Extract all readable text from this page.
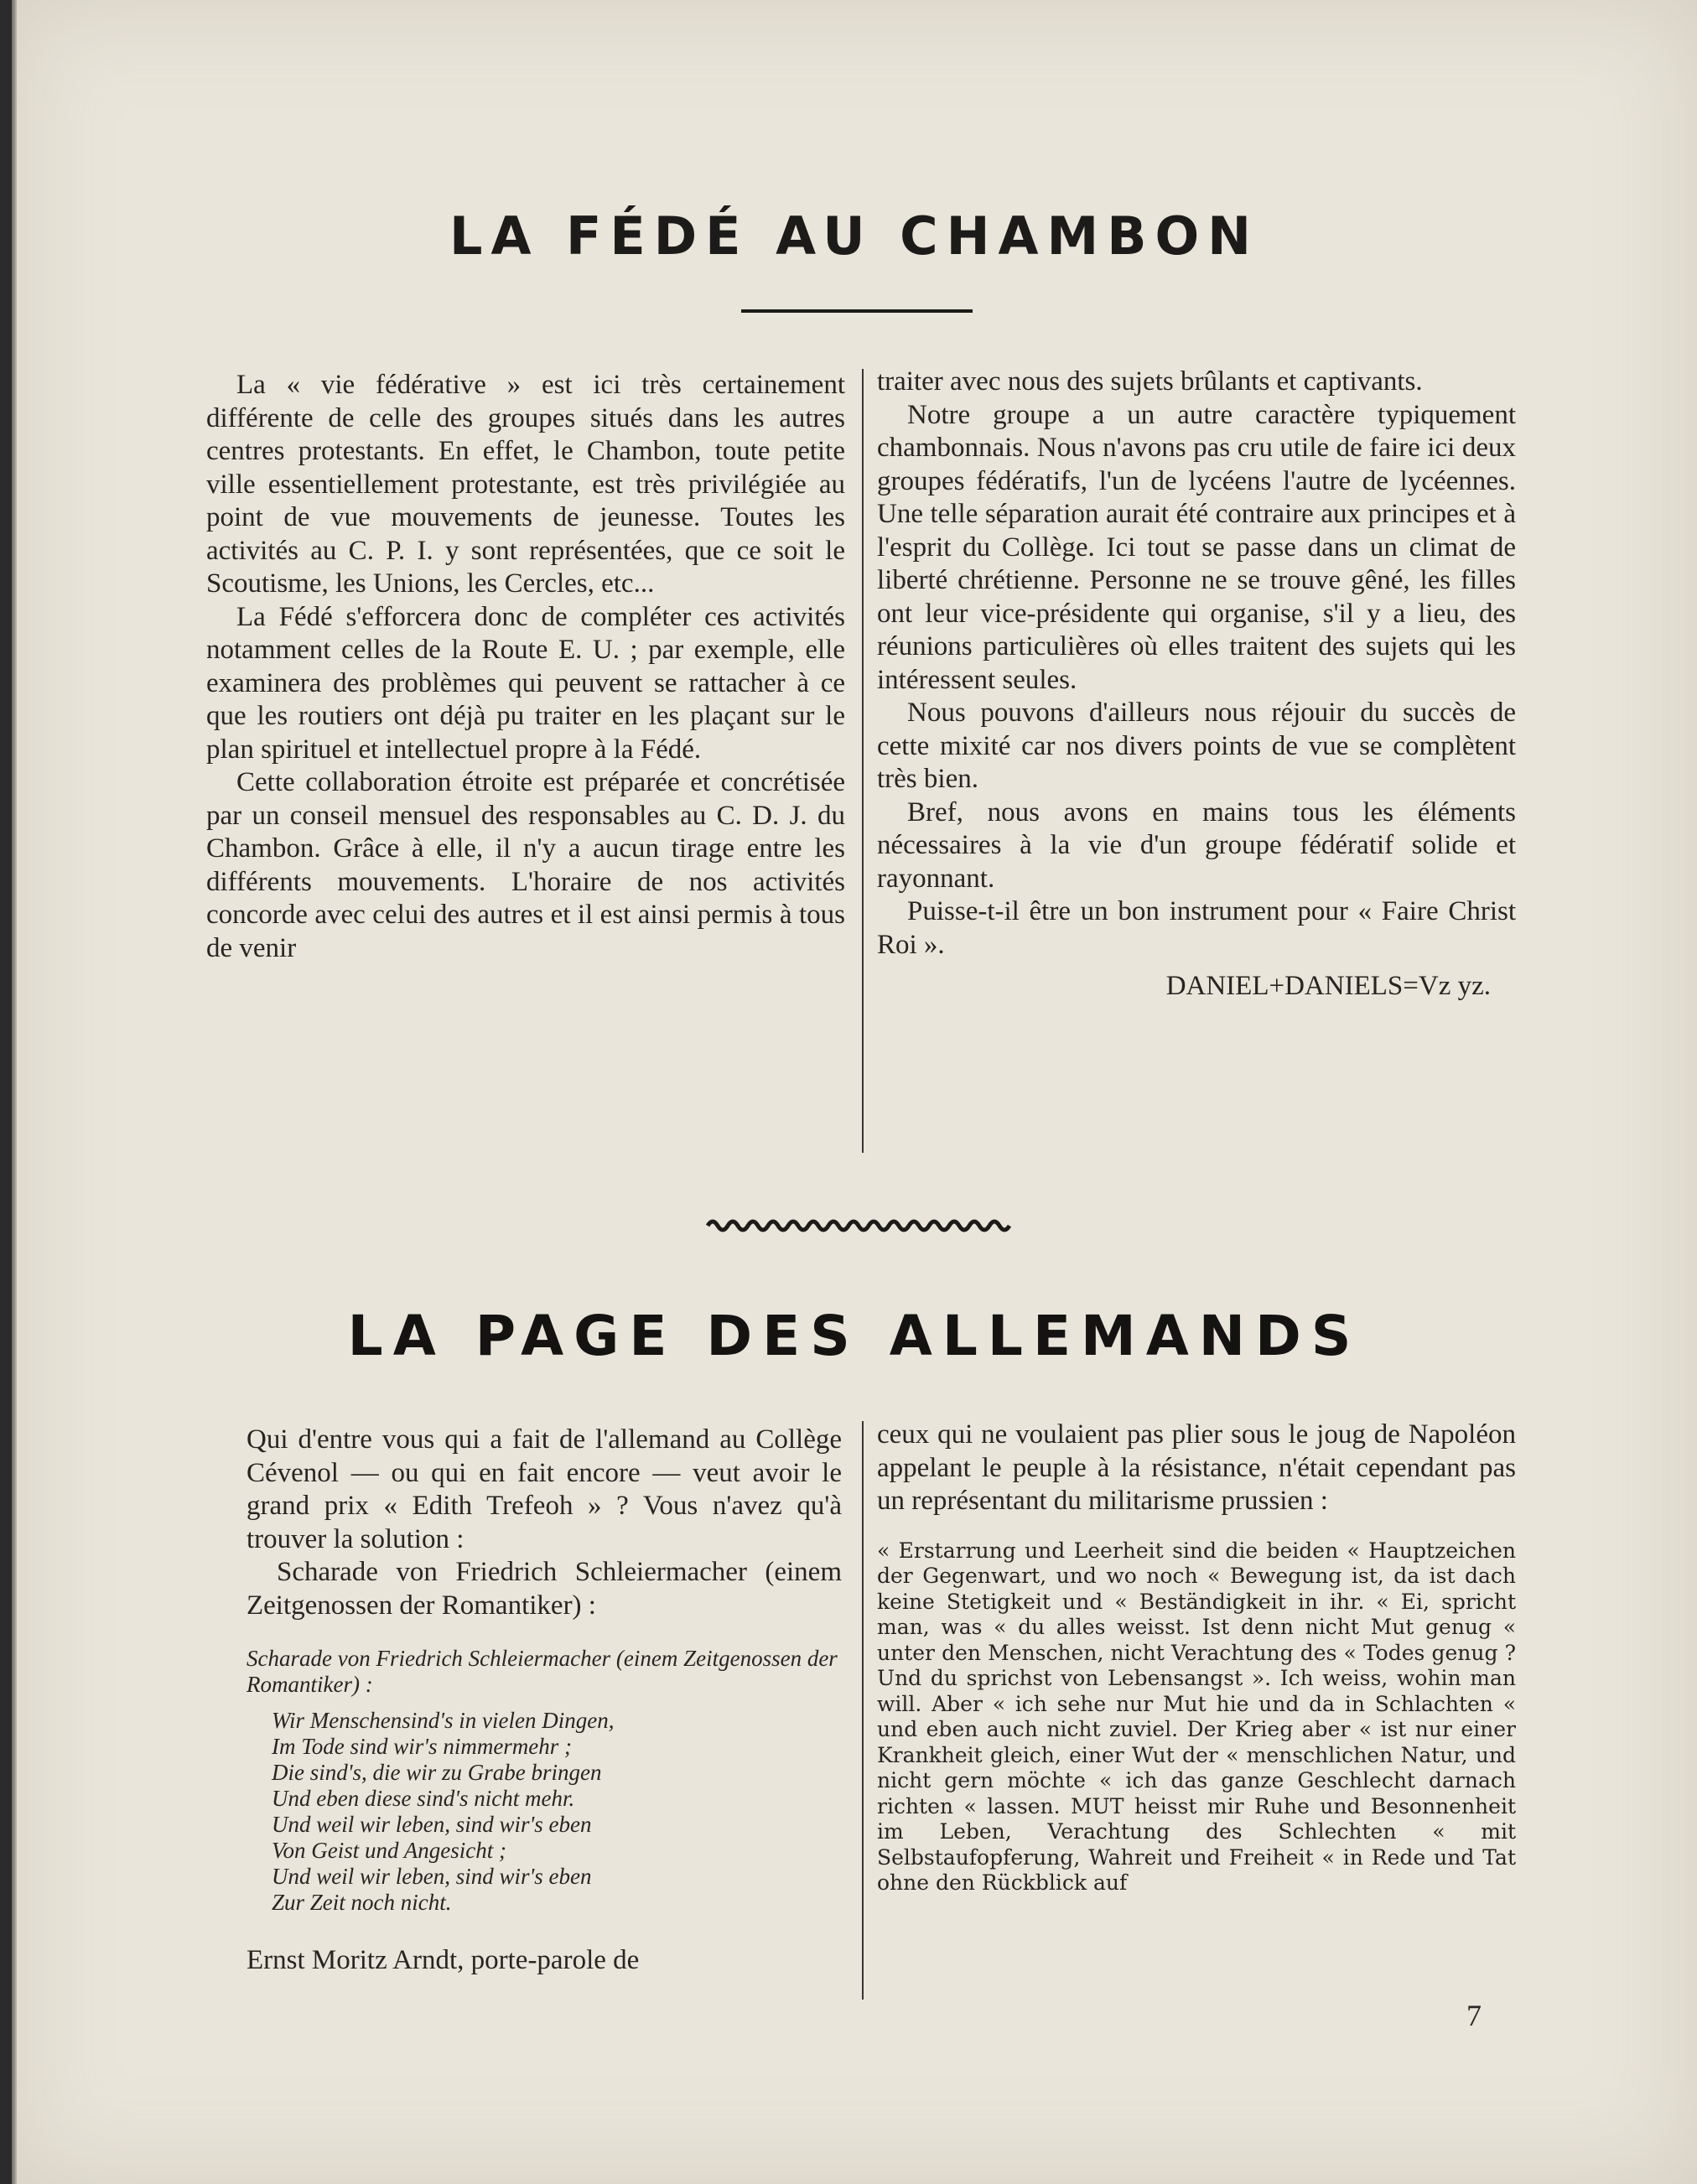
LA FÉDÉ AU CHAMBON

La « vie fédérative » est ici très certainement différente de celle des groupes situés dans les autres centres protestants. En effet, le Chambon, toute petite ville essentiellement protestante, est très privilégiée au point de vue mouvements de jeunesse. Toutes les activités au C. P. I. y sont représentées, que ce soit le Scoutisme, les Unions, les Cercles, etc...

La Fédé s'efforcera donc de compléter ces activités notamment celles de la Route E. U. ; par exemple, elle examinera des problèmes qui peuvent se rattacher à ce que les routiers ont déjà pu traiter en les plaçant sur le plan spirituel et intellectuel propre à la Fédé.

Cette collaboration étroite est préparée et concrétisée par un conseil mensuel des responsables au C. D. J. du Chambon. Grâce à elle, il n'y a aucun tirage entre les différents mouvements. L'horaire de nos activités concorde avec celui des autres et il est ainsi permis à tous de venir

traiter avec nous des sujets brûlants et captivants.

Notre groupe a un autre caractère typiquement chambonnais. Nous n'avons pas cru utile de faire ici deux groupes fédératifs, l'un de lycéens l'autre de lycéennes. Une telle séparation aurait été contraire aux principes et à l'esprit du Collège. Ici tout se passe dans un climat de liberté chrétienne. Personne ne se trouve gêné, les filles ont leur vice-présidente qui organise, s'il y a lieu, des réunions particulières où elles traitent des sujets qui les intéressent seules.

Nous pouvons d'ailleurs nous réjouir du succès de cette mixité car nos divers points de vue se complètent très bien.

Bref, nous avons en mains tous les éléments nécessaires à la vie d'un groupe fédératif solide et rayonnant.

Puisse-t-il être un bon instrument pour « Faire Christ Roi ».

DANIEL+DANIELS=Vz yz.

LA PAGE DES ALLEMANDS

Qui d'entre vous qui a fait de l'allemand au Collège Cévenol — ou qui en fait encore — veut avoir le grand prix « Edith Trefeoh » ? Vous n'avez qu'à trouver la solution :

Scharade von Friedrich Schleiermacher (einem Zeitgenossen der Romantiker) :

Scharade von Friedrich Schleiermacher (einem Zeitgenossen der Romantiker) :

Wir Menschensind's in vielen Dingen,
Im Tode sind wir's nimmermehr ;
Die sind's, die wir zu Grabe bringen
Und eben diese sind's nicht mehr.
Und weil wir leben, sind wir's eben
Von Geist und Angesicht ;
Und weil wir leben, sind wir's eben
Zur Zeit noch nicht.

Ernst Moritz Arndt, porte-parole de

ceux qui ne voulaient pas plier sous le joug de Napoléon appelant le peuple à la résistance, n'était cependant pas un représentant du militarisme prussien :

« Erstarrung und Leerheit sind die beiden « Hauptzeichen der Gegenwart, und wo noch « Bewegung ist, da ist dach keine Stetigkeit und « Beständigkeit in ihr. « Ei, spricht man, was « du alles weisst. Ist denn nicht Mut genug « unter den Menschen, nicht Verachtung des « Todes genug ? Und du sprichst von Lebensangst ». Ich weiss, wohin man will. Aber « ich sehe nur Mut hie und da in Schlachten « und eben auch nicht zuviel. Der Krieg aber « ist nur einer Krankheit gleich, einer Wut der « menschlichen Natur, und nicht gern möchte « ich das ganze Geschlecht darnach richten « lassen. MUT heisst mir Ruhe und Besonnenheit im Leben, Verachtung des Schlechten « mit Selbstaufopferung, Wahreit und Freiheit « in Rede und Tat ohne den Rückblick auf

7
